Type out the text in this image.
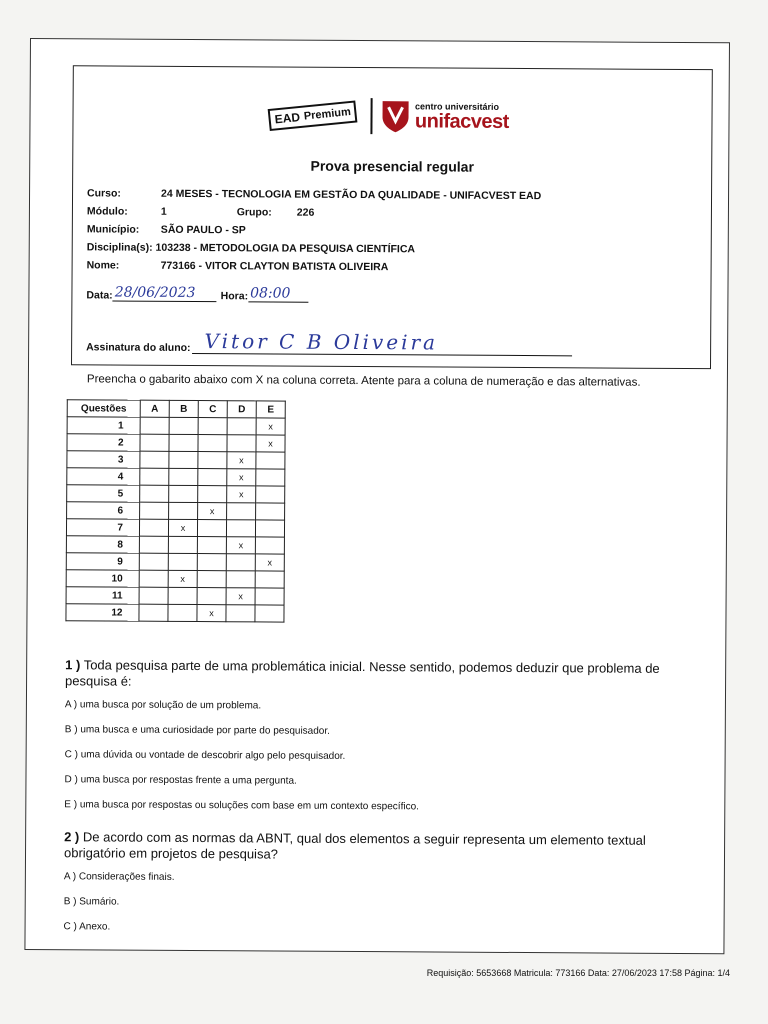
EAD Premium	centro universitário
unifacvest
Prova presencial regular
Curso:	24 MESES - TECNOLOGIA EM GESTÃO DA QUALIDADE - UNIFACVEST EAD
Módulo:	1	Grupo:	226
Município:	SÃO PAULO - SP
Disciplina(s):
103238 - METODOLOGIA DA PESQUISA CIENTÍFICA
Nome:	773166 - VITOR CLAYTON BATISTA OLIVEIRA
Data: 28/06/2023	Hora: 08:00
Assinatura do aluno: Vitor C B Oliveira
Preencha o gabarito abaixo com X na coluna correta. Atente para a coluna de numeração e das alternativas.
Questões	A	B	C	D	E
1					x
2					x
3				x	
4				x	
5				x	
6			x		
7		x			
8				x	
9					x
10		x			
11				x	
12			x		
1 ) Toda pesquisa parte de uma problemática inicial. Nesse sentido, podemos deduzir que problema de pesquisa é:
A ) uma busca por solução de um problema.
B ) uma busca e uma curiosidade por parte do pesquisador.
C ) uma dúvida ou vontade de descobrir algo pelo pesquisador.
D ) uma busca por respostas frente a uma pergunta.
E ) uma busca por respostas ou soluções com base em um contexto específico.
2 ) De acordo com as normas da ABNT, qual dos elementos a seguir representa um elemento textual obrigatório em projetos de pesquisa?
A ) Considerações finais.
B ) Sumário.
C ) Anexo.
Requisição: 5653668 Matricula: 773166 Data: 27/06/2023 17:58 Página: 1/4
